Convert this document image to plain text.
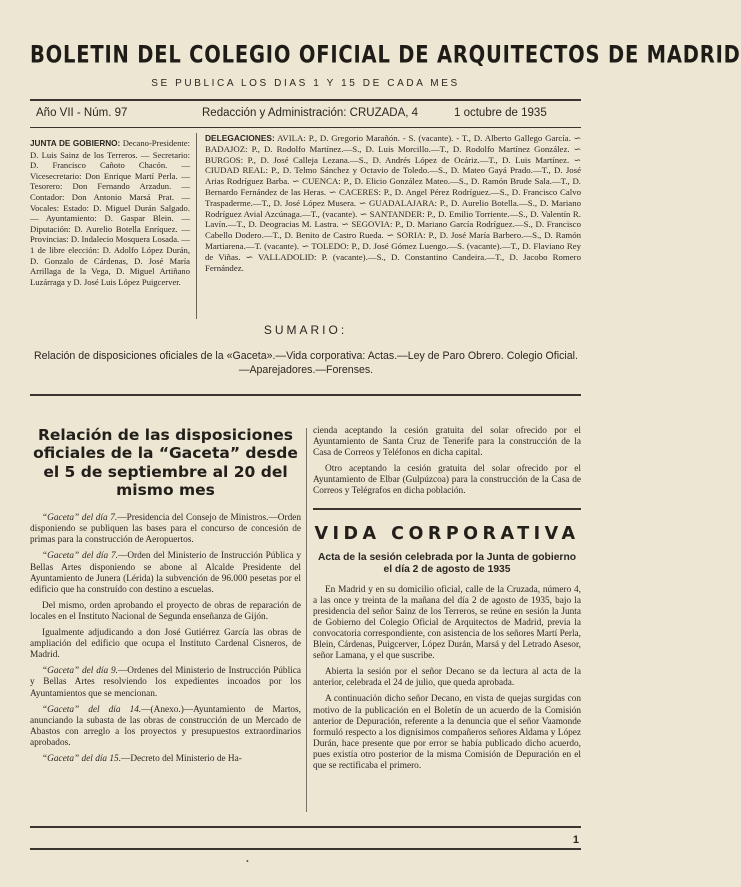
BOLETIN DEL COLEGIO OFICIAL DE ARQUITECTOS DE MADRID
SE PUBLICA LOS DIAS 1 Y 15 DE CADA MES
Año VII - Núm. 97	Redacción y Administración: CRUZADA, 4	1 octubre de 1935
JUNTA DE GOBIERNO: Decano-Presidente: D. Luis Sainz de los Terreros. — Secretario: D. Francisco Cañoto Chacón. — Vicesecretario: Don Enrique Martí Perla. — Tesorero: Don Fernando Arzadun. — Contador: Don Antonio Marsá Prat. — Vocales: Estado: D. Miguel Durán Salgado. — Ayuntamiento: D. Gaspar Blein. — Diputación: D. Aurelio Botella Enríquez. — Provincias: D. Indalecio Mosquera Losada. — 1 de libre elección: D. Adolfo López Durán, D. Gonzalo de Cárdenas, D. José María Arrillaga de la Vega, D. Miguel Artiñano Luzárraga y D. José Luis López Puigcerver.
DELEGACIONES: AVILA: P., D. Gregorio Marañón. - S. (vacante). - T., D. Alberto Gallego García. ∽ BADAJOZ: P., D. Rodolfo Martínez.—S., D. Luis Morcillo.—T., D. Rodolfo Martínez González. ∽ BURGOS: P., D. José Calleja Lezana.—S., D. Andrés López de Ocáriz.—T., D. Luis Martínez. ∽ CIUDAD REAL: P., D. Telmo Sánchez y Octavio de Toledo.—S., D. Mateo Gayá Prado.—T., D. José Arias Rodríguez Barba. ∽ CUENCA: P., D. Elicio González Mateo.—S., D. Ramón Brude Sala.—T., D. Bernardo Fernández de las Heras. ∽ CACERES: P., D. Angel Pérez Rodríguez.—S., D. Francisco Calvo Traspaderme.—T., D. José López Musera. ∽ GUADALAJARA: P., D. Aurelio Botella.—S., D. Mariano Rodríguez Avial Azcúnaga.—T., (vacante). ∽ SANTANDER: P., D. Emilio Torriente.—S., D. Valentín R. Lavín.—T., D. Deogracias M. Lastra. ∽ SEGOVIA: P., D. Mariano García Rodríguez.—S., D. Francisco Cabello Dodero.—T., D. Benito de Castro Rueda. ∽ SORIA: P., D. José María Barbero.—S., D. Ramón Martiarena.—T. (vacante). ∽ TOLEDO: P., D. José Gómez Luengo.—S. (vacante).—T., D. Flaviano Rey de Viñas. ∽ VALLADOLID: P. (vacante).—S., D. Constantino Candeira.—T., D. Jacobo Romero Fernández.
SUMARIO:
Relación de disposiciones oficiales de la «Gaceta».—Vida corporativa: Actas.—Ley de Paro Obrero. Colegio Oficial.—Aparejadores.—Forenses.
Relación de las disposiciones oficiales de la “Gaceta” desde el 5 de septiembre al 20 del mismo mes

“Gaceta” del día 7.—Presidencia del Consejo de Ministros.—Orden disponiendo se publiquen las bases para el concurso de concesión de primas para la construcción de Aeropuertos.

“Gaceta” del día 7.—Orden del Ministerio de Instrucción Pública y Bellas Artes disponiendo se abone al Alcalde Presidente del Ayuntamiento de Junera (Lérida) la subvención de 96.000 pesetas por el edificio que ha construído con destino a escuelas.

Del mismo, orden aprobando el proyecto de obras de reparación de locales en el Instituto Nacional de Segunda enseñanza de Gijón.

Igualmente adjudicando a don José Gutiérrez García las obras de ampliación del edificio que ocupa el Instituto Cardenal Cisneros, de Madrid.

“Gaceta” del día 9.—Ordenes del Ministerio de Instrucción Pública y Bellas Artes resolviendo los expedientes incoados por los Ayuntamientos que se mencionan.

“Gaceta” del día 14.—(Anexo.)—Ayuntamiento de Martos, anunciando la subasta de las obras de construcción de un Mercado de Abastos con arreglo a los proyectos y presupuestos extraordinarios aprobados.

“Gaceta” del día 15.—Decreto del Ministerio de Ha-

cienda aceptando la cesión gratuita del solar ofrecido por el Ayuntamiento de Santa Cruz de Tenerife para la construcción de la Casa de Correos y Teléfonos en dicha capital.

Otro aceptando la cesión gratuita del solar ofrecido por el Ayuntamiento de Elbar (Gulpúzcoa) para la construcción de la Casa de Correos y Telégrafos en dicha población.

VIDA CORPORATIVA
Acta de la sesión celebrada por la Junta de gobierno el día 2 de agosto de 1935

En Madrid y en su domicilio oficial, calle de la Cruzada, número 4, a las once y treinta de la mañana del día 2 de agosto de 1935, bajo la presidencia del señor Sainz de los Terreros, se reúne en sesión la Junta de Gobierno del Colegio Oficial de Arquitectos de Madrid, previa la convocatoria correspondiente, con asistencia de los señores Martí Perla, Blein, Cárdenas, Puigcerver, López Durán, Marsá y del Letrado Asesor, señor Lamana, y el que suscribe.

Abierta la sesión por el señor Decano se da lectura al acta de la anterior, celebrada el 24 de julio, que queda aprobada.

A continuación dicho señor Decano, en vista de quejas surgidas con motivo de la publicación en el Boletín de un acuerdo de la Comisión anterior de Depuración, referente a la denuncia que el señor Vaamonde formuló respecto a los dignísimos compañeros señores Aldama y López Durán, hace presente que por error se había publicado dicho acuerdo, pues existía otro posterior de la misma Comisión de Depuración en el que se rectificaba el primero.

1
•
